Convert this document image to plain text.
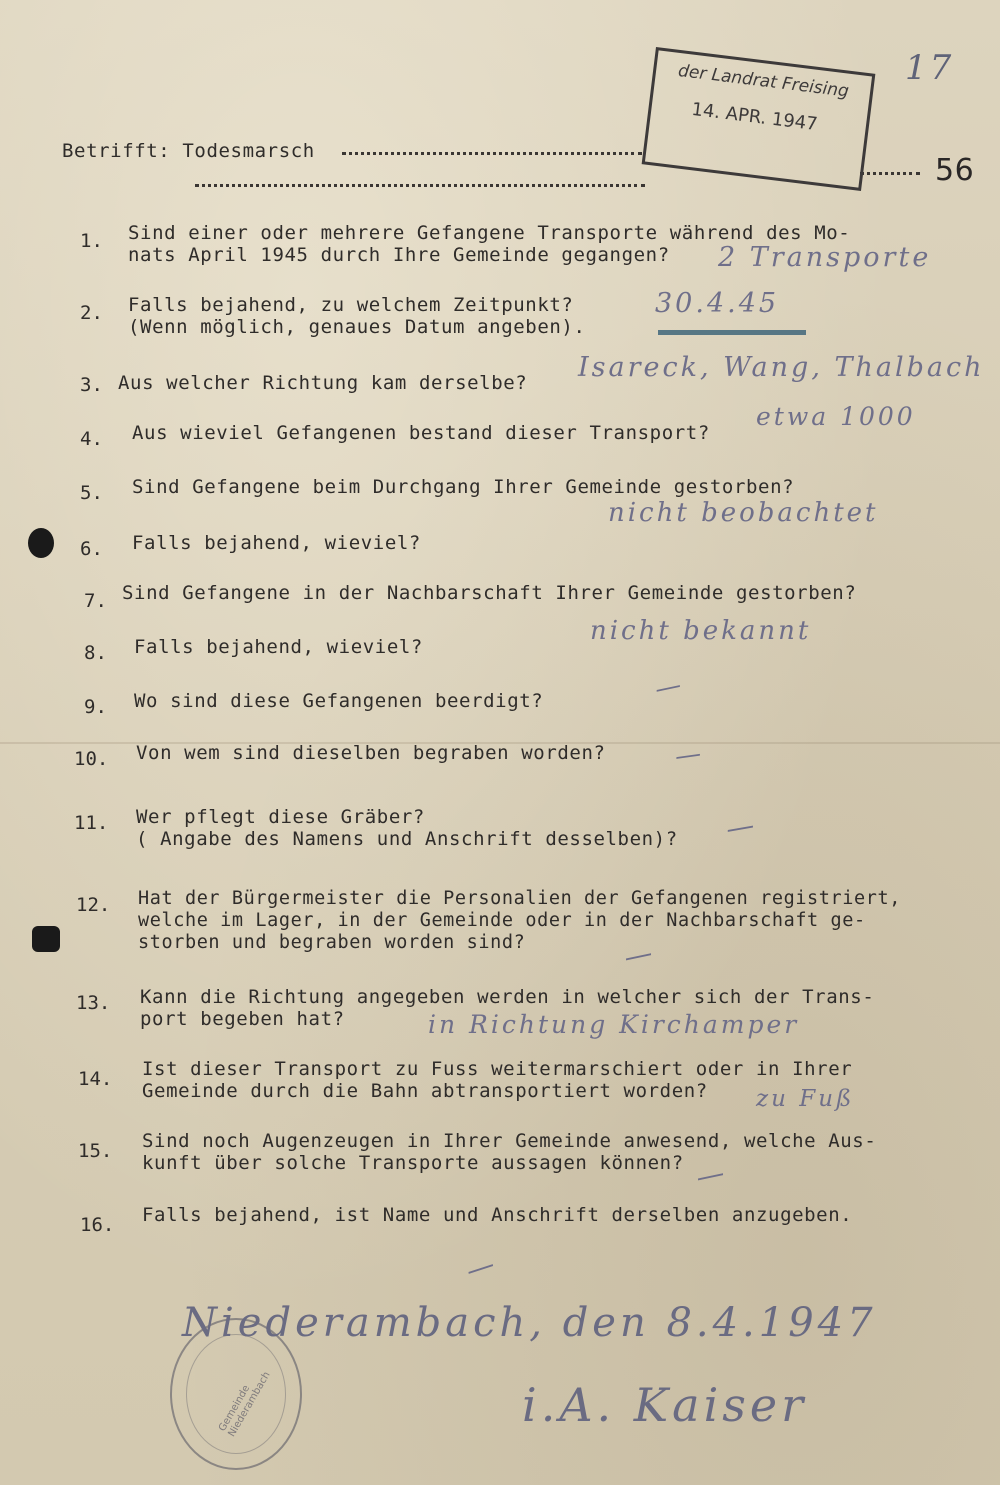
Betrifft: Todesmarsch
17
56
der Landrat Freising
14. APR. 1947
1. Sind einer oder mehrere Gefangene Transporte während des Mo-
nats April 1945 durch Ihre Gemeinde gegangen? 2 Transporte
2. Falls bejahend, zu welchem Zeitpunkt?
(Wenn möglich, genaues Datum angeben).
30.4.45
3. Aus welcher Richtung kam derselbe? Isareck, Wang, Thalbach
4. Aus wieviel Gefangenen bestand dieser Transport?
etwa 1000
5. Sind Gefangene beim Durchgang Ihrer Gemeinde gestorben?
nicht beobachtet
6. Falls bejahend, wieviel?
7. Sind Gefangene in der Nachbarschaft Ihrer Gemeinde gestorben?
8. Falls bejahend, wieviel?
nicht bekannt
9. Wo sind diese Gefangenen beerdigt?	—
10. Von wem sind dieselben begraben worden?	—
11. Wer pflegt diese Gräber?
( Angabe des Namens und Anschrift desselben)? —
12. Hat der Bürgermeister die Personalien der Gefangenen registriert,
welche im Lager, in der Gemeinde oder in der Nachbarschaft ge-
storben und begraben worden sind?	—
13. Kann die Richtung angegeben werden in welcher sich der Trans-
port begeben hat?	in Richtung Kirchamper
14. Ist dieser Transport zu Fuss weitermarschiert oder in Ihrer
Gemeinde durch die Bahn abtransportiert worden? zu Fuß
15. Sind noch Augenzeugen in Ihrer Gemeinde anwesend, welche Aus-
kunft über solche Transporte aussagen können? —
16. Falls bejahend, ist Name und Anschrift derselben anzugeben.
—
Gemeinde Niederambach
Niederambach, den 8.4.1947
i.A. Kaiser
